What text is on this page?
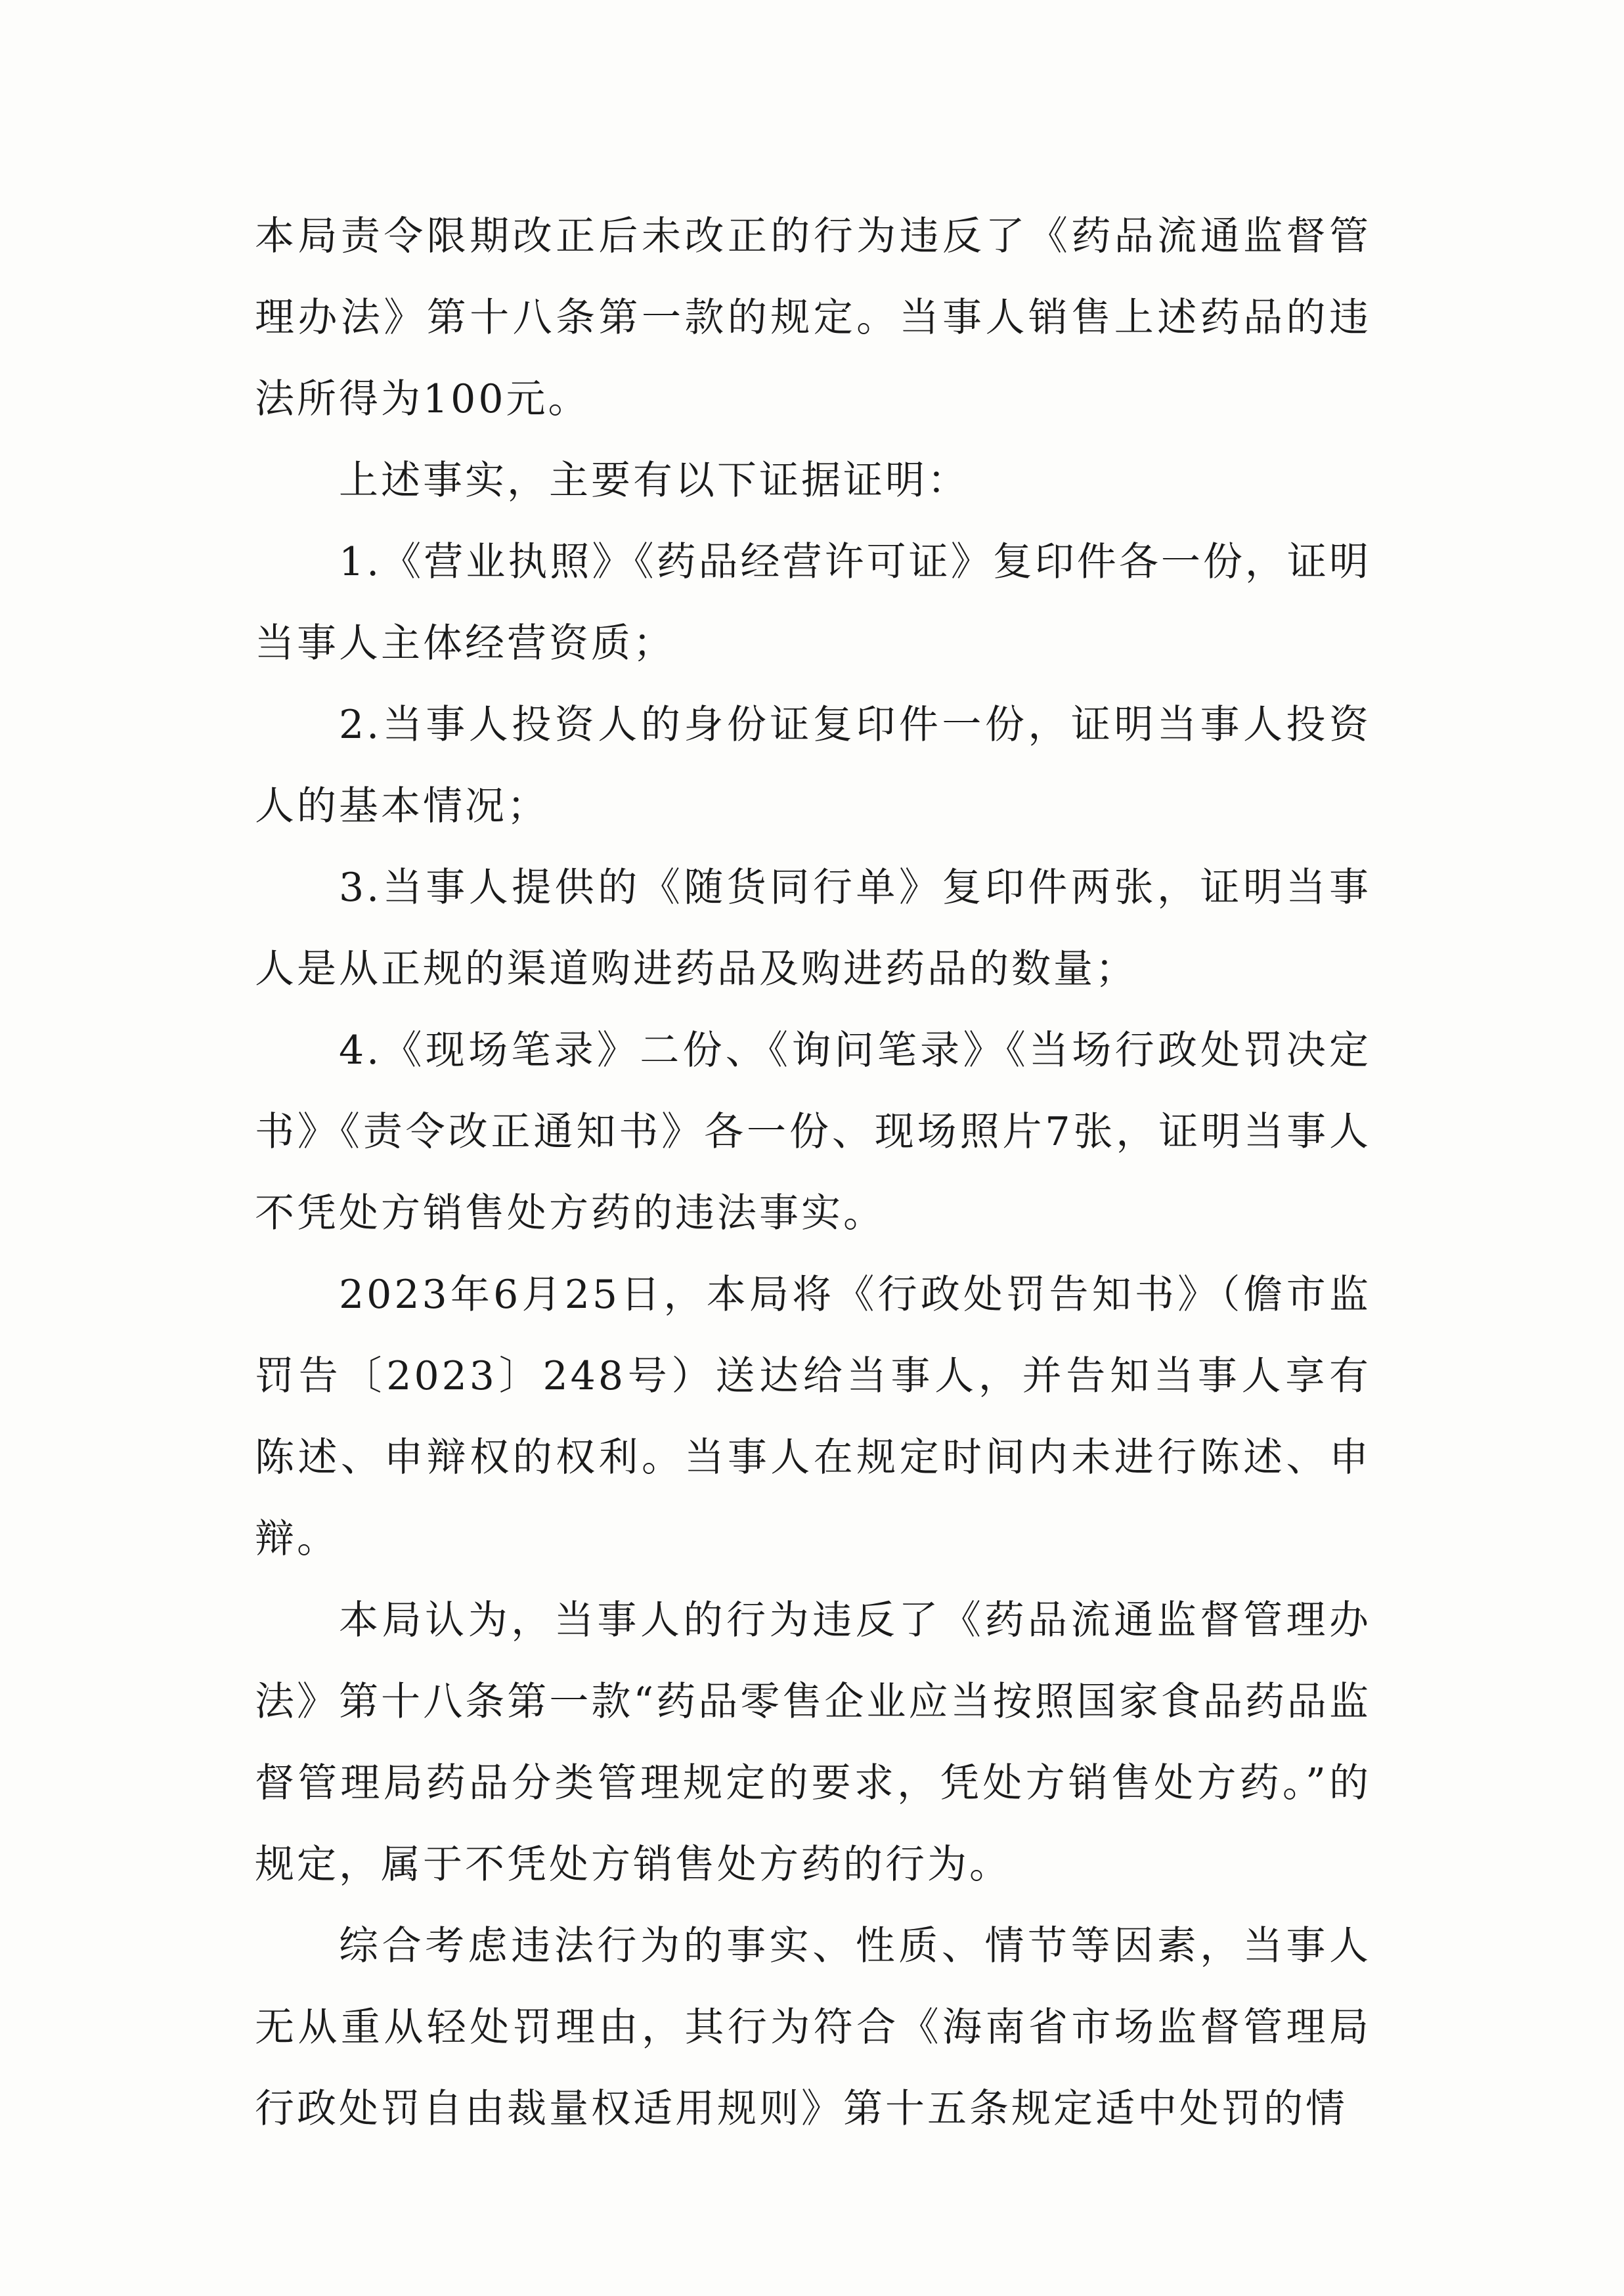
本局责令限期改正后未改正的行为违反了《药品流通监督管理办法》第十八条第一款的规定。当事人销售上述药品的违法所得为100元。

上述事实，主要有以下证据证明：

1.《营业执照》《药品经营许可证》复印件各一份，证明当事人主体经营资质；

2.当事人投资人的身份证复印件一份，证明当事人投资人的基本情况；

3.当事人提供的《随货同行单》复印件两张，证明当事人是从正规的渠道购进药品及购进药品的数量；

4.《现场笔录》二份、《询问笔录》《当场行政处罚决定书》《责令改正通知书》各一份、现场照片7张，证明当事人不凭处方销售处方药的违法事实。

2023年6月25日，本局将《行政处罚告知书》（儋市监罚告〔2023〕248号）送达给当事人，并告知当事人享有陈述、申辩权的权利。当事人在规定时间内未进行陈述、申辩。

本局认为，当事人的行为违反了《药品流通监督管理办法》第十八条第一款“药品零售企业应当按照国家食品药品监督管理局药品分类管理规定的要求，凭处方销售处方药。”的规定，属于不凭处方销售处方药的行为。

综合考虑违法行为的事实、性质、情节等因素，当事人无从重从轻处罚理由，其行为符合《海南省市场监督管理局行政处罚自由裁量权适用规则》第十五条规定适中处罚的情
